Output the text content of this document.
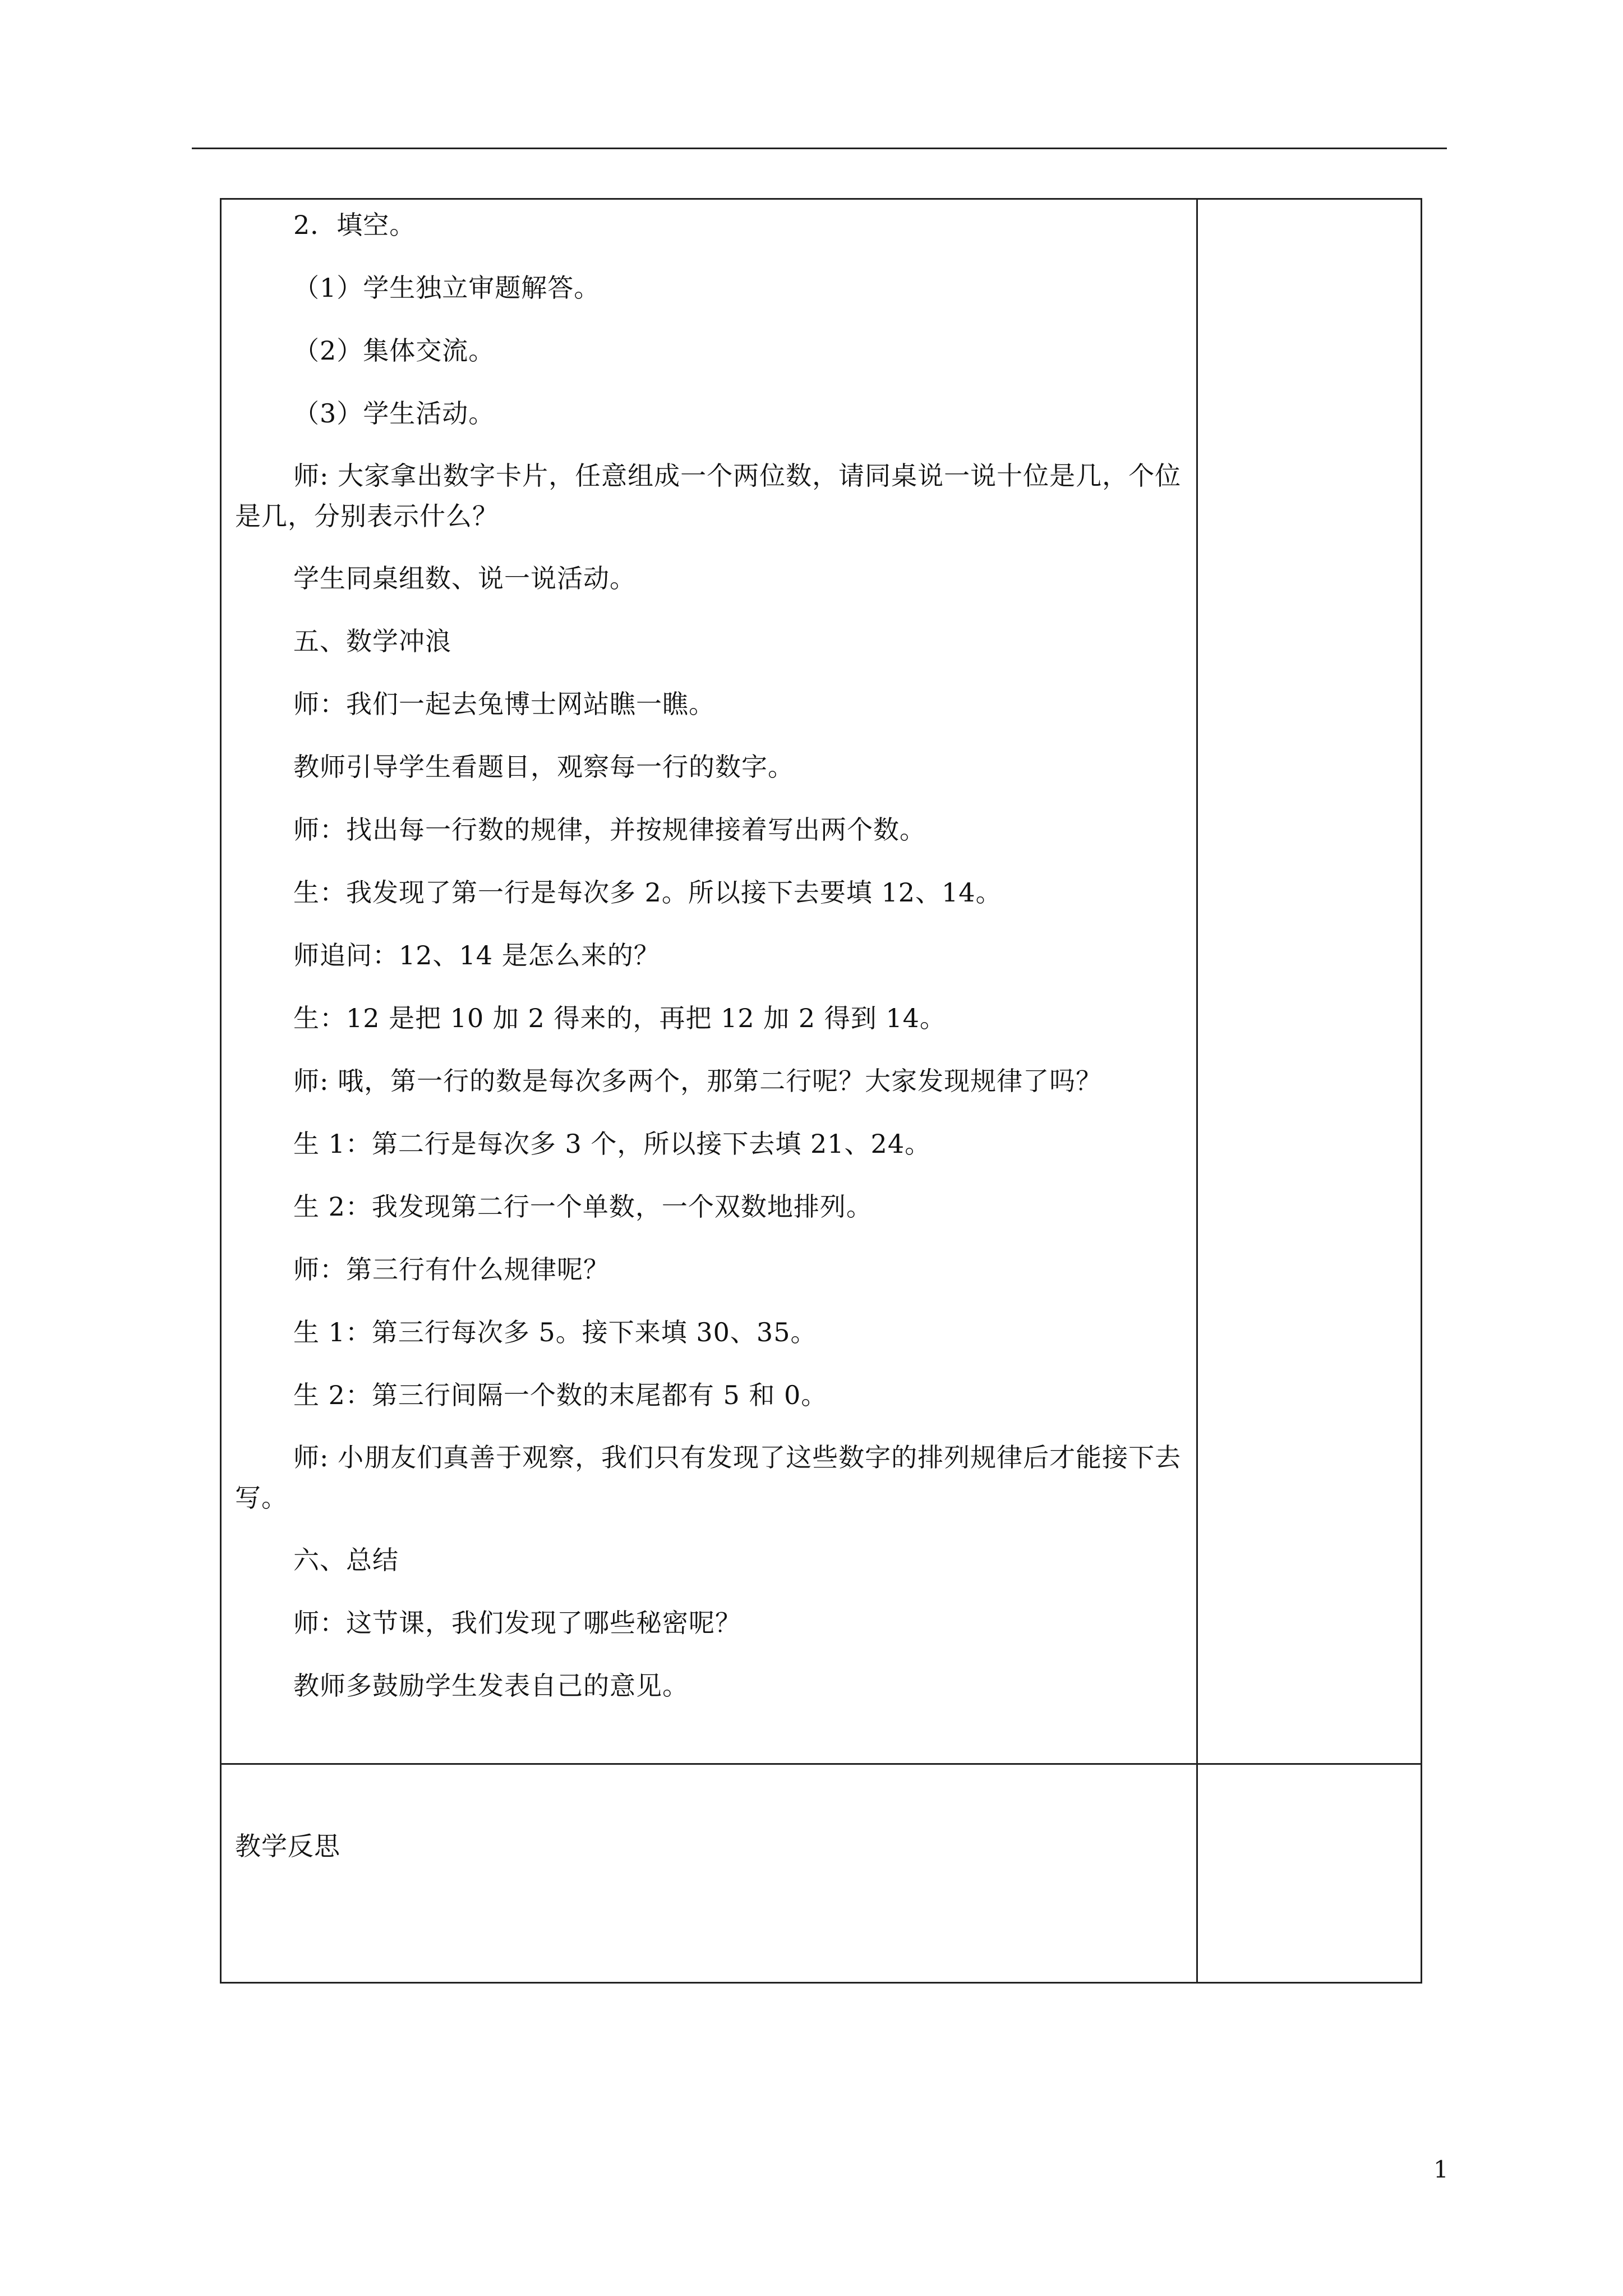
2．填空。

（1）学生独立审题解答。

（2）集体交流。

（3）学生活动。

师: 大家拿出数字卡片，任意组成一个两位数，请同桌说一说十位是几，个位是几，分别表示什么？

学生同桌组数、说一说活动。

五、数学冲浪

师：我们一起去兔博士网站瞧一瞧。

教师引导学生看题目，观察每一行的数字。

师：找出每一行数的规律，并按规律接着写出两个数。

生：我发现了第一行是每次多 2。所以接下去要填 12、14。

师追问：12、14 是怎么来的？

生：12 是把 10 加 2 得来的，再把 12 加 2 得到 14。

师: 哦，第一行的数是每次多两个，那第二行呢？大家发现规律了吗？

生 1：第二行是每次多 3 个，所以接下去填 21、24。

生 2：我发现第二行一个单数，一个双数地排列。

师：第三行有什么规律呢？

生 1：第三行每次多 5。接下来填 30、35。

生 2：第三行间隔一个数的末尾都有 5 和 0。

师: 小朋友们真善于观察，我们只有发现了这些数字的排列规律后才能接下去写。

六、总结

师：这节课，我们发现了哪些秘密呢？

教师多鼓励学生发表自己的意见。

教学反思
1
